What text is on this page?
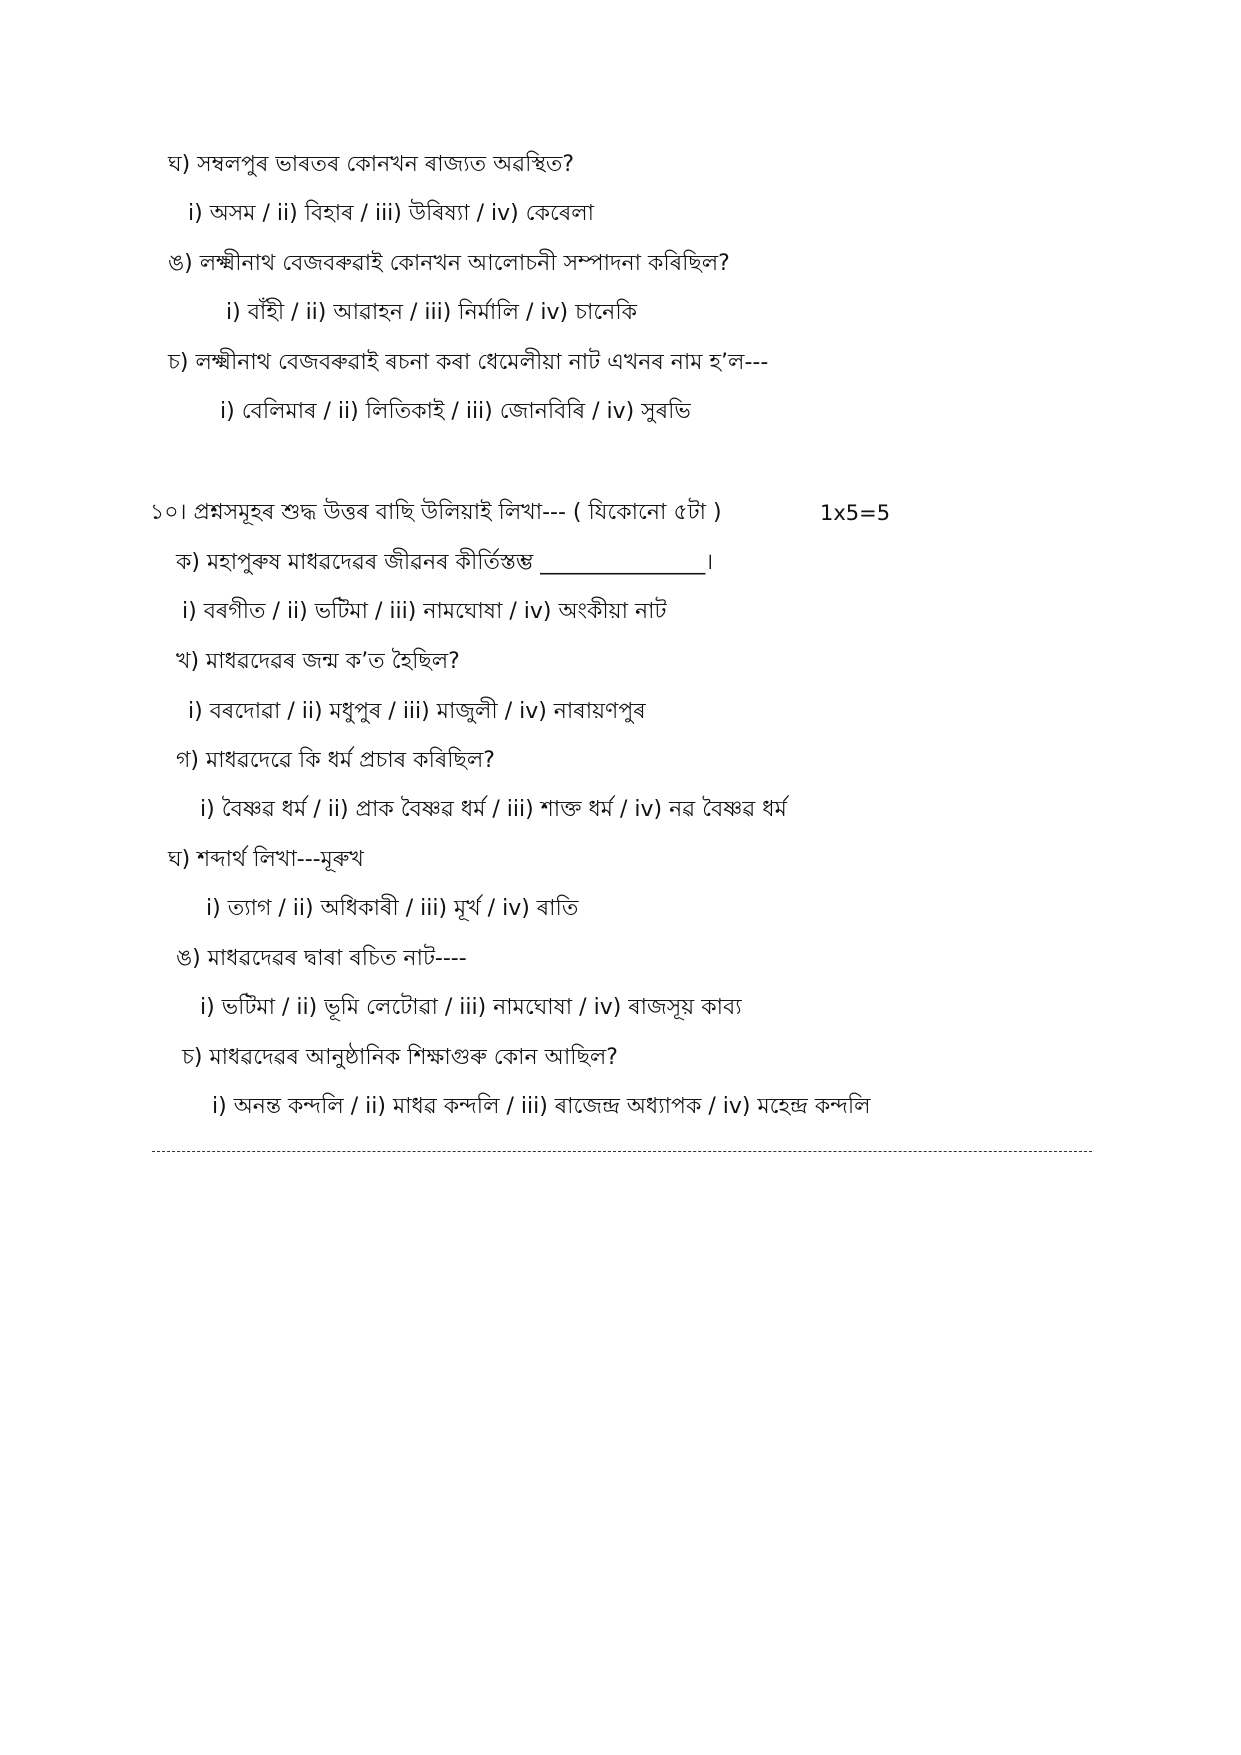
ঘ) সম্বলপুৰ ভাৰতৰ কোনখন ৰাজ্যত অৱস্থিত?
i) অসম / ii) বিহাৰ / iii) উৰিষ্যা / iv) কেৰেলা
ঙ) লক্ষ্মীনাথ বেজবৰুৱাই কোনখন আলোচনী সম্পাদনা কৰিছিল?
i) বাঁহী / ii) আৱাহন / iii) নিৰ্মালি / iv) চানেকি
চ) লক্ষ্মীনাথ বেজবৰুৱাই ৰচনা কৰা ধেমেলীয়া নাট এখনৰ নাম হ’ল---
i) বেলিমাৰ / ii) লিতিকাই / iii) জোনবিৰি / iv) সুৰভি
১০। প্ৰশ্নসমূহৰ শুদ্ধ উত্তৰ বাছি উলিয়াই লিখা--- ( যিকোনো ৫টা )	1x5=5
ক) মহাপুৰুষ মাধৱদেৱৰ জীৱনৰ কীৰ্তিস্তম্ভ _______________।
i) বৰগীত / ii) ভটিমা / iii) নামঘোষা / iv) অংকীয়া নাট
খ) মাধৱদেৱৰ জন্ম ক’ত হৈছিল?
i) বৰদোৱা / ii) মধুপুৰ / iii) মাজুলী / iv) নাৰায়ণপুৰ
গ) মাধৱদেৱে কি ধৰ্ম প্ৰচাৰ কৰিছিল?
i) বৈষ্ণৱ ধৰ্ম / ii) প্ৰাক বৈষ্ণৱ ধৰ্ম / iii) শাক্ত ধৰ্ম / iv) নৱ বৈষ্ণৱ ধৰ্ম
ঘ) শব্দাৰ্থ লিখা---মূৰুখ
i) ত্যাগ / ii) অধিকাৰী / iii) মূৰ্খ / iv) ৰাতি
ঙ) মাধৱদেৱৰ দ্বাৰা ৰচিত নাট----
i) ভটিমা / ii) ভূমি লেটোৱা / iii) নামঘোষা / iv) ৰাজসূয় কাব্য
চ) মাধৱদেৱৰ আনুষ্ঠানিক শিক্ষাগুৰু কোন আছিল?
i) অনন্ত কন্দলি / ii) মাধৱ কন্দলি / iii) ৰাজেন্দ্ৰ অধ্যাপক / iv) মহেন্দ্ৰ কন্দলি
